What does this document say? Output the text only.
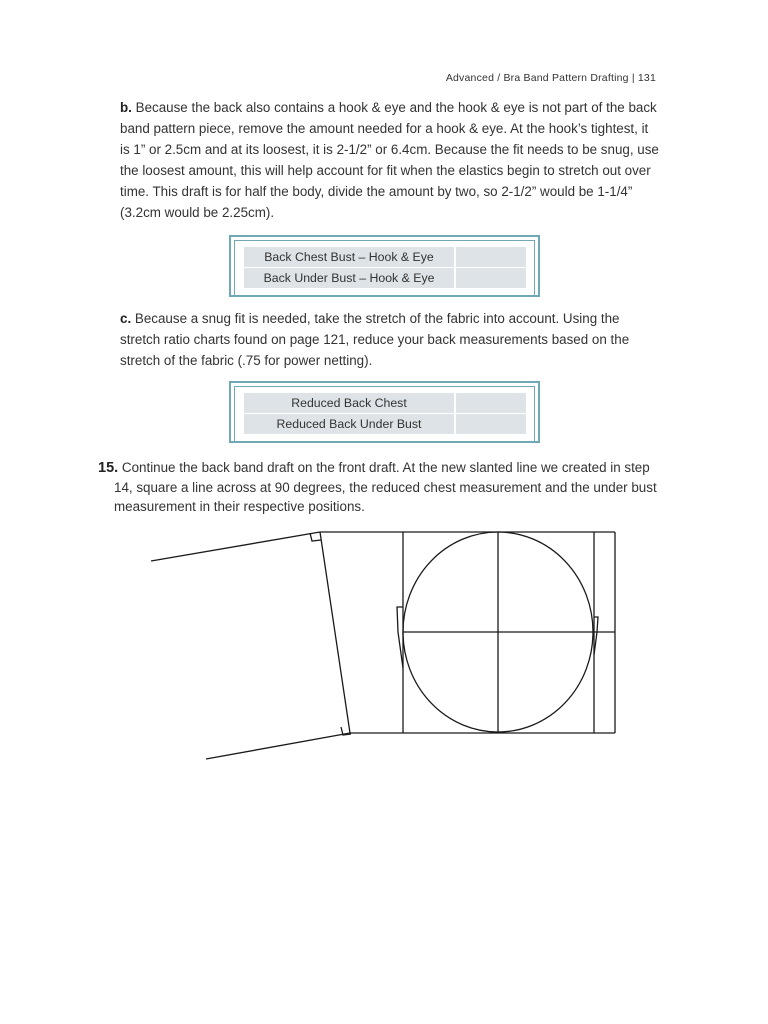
Advanced / Bra Band Pattern Drafting | 131
b. Because the back also contains a hook & eye and the hook & eye is not part of the back band pattern piece, remove the amount needed for a hook & eye. At the hook’s tightest, it is 1” or 2.5cm and at its loosest, it is 2-1/2” or 6.4cm. Because the fit needs to be snug, use the loosest amount, this will help account for fit when the elastics begin to stretch out over time. This draft is for half the body, divide the amount by two, so 2-1/2” would be 1-1/4” (3.2cm would be 2.25cm).
Back Chest Bust – Hook & Eye
Back Under Bust – Hook & Eye
c. Because a snug fit is needed, take the stretch of the fabric into account. Using the stretch ratio charts found on page 121, reduce your back measurements based on the stretch of the fabric (.75 for power netting).
Reduced Back Chest
Reduced Back Under Bust
15. Continue the back band draft on the front draft. At the new slanted line we created in step 14, square a line across at 90 degrees, the reduced chest measurement and the under bust measurement in their respective positions.
